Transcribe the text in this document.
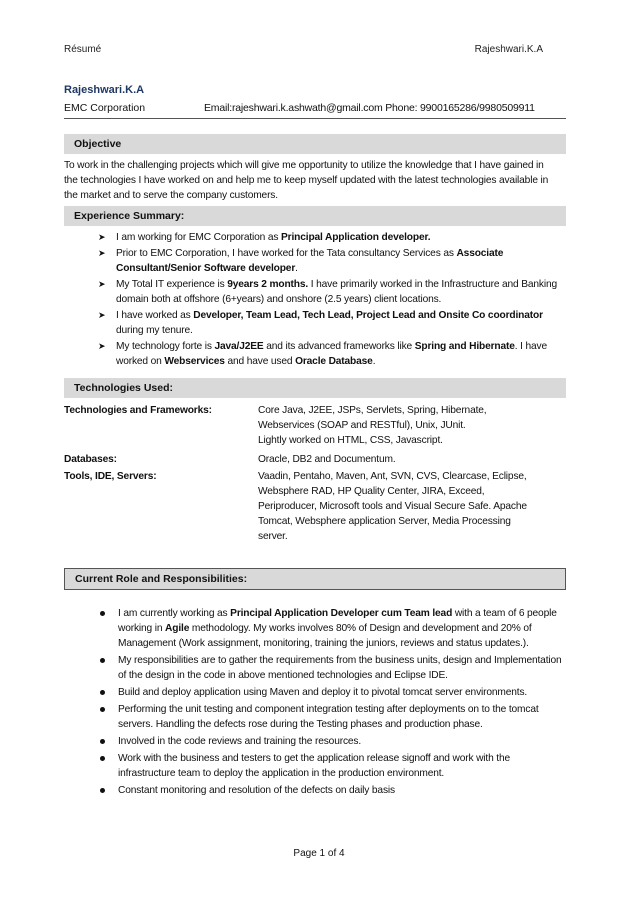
Résumé	Rajeshwari.K.A
Rajeshwari.K.A
EMC Corporation	Email:rajeshwari.k.ashwath@gmail.com Phone: 9900165286/9980509911
Objective
To work in the challenging projects which will give me opportunity to utilize the knowledge that I have gained in the technologies I have worked on and help me to keep myself updated with the latest technologies available in the market and to serve the company customers.
Experience Summary:
➤ I am working for EMC Corporation as Principal Application developer.
➤ Prior to EMC Corporation, I have worked for the Tata consultancy Services as Associate Consultant/Senior Software developer.
➤ My Total IT experience is 9years 2 months. I have primarily worked in the Infrastructure and Banking domain both at offshore (6+years) and onshore (2.5 years) client locations.
➤ I have worked as Developer, Team Lead, Tech Lead, Project Lead and Onsite Co coordinator during my tenure.
➤ My technology forte is Java/J2EE and its advanced frameworks like Spring and Hibernate. I have worked on Webservices and have used Oracle Database.
Technologies Used:
Technologies and Frameworks:	Core Java, J2EE, JSPs, Servlets, Spring, Hibernate, Webservices (SOAP and RESTful), Unix, JUnit.
Lightly worked on HTML, CSS, Javascript.
Databases:	Oracle, DB2 and Documentum.
Tools, IDE, Servers:	Vaadin, Pentaho, Maven, Ant, SVN, CVS, Clearcase, Eclipse, Websphere RAD, HP Quality Center, JIRA, Exceed, Periproducer, Microsoft tools and Visual Secure Safe. Apache Tomcat, Websphere application Server, Media Processing server.
Current Role and Responsibilities:
I am currently working as Principal Application Developer cum Team lead with a team of 6 people working in Agile methodology. My works involves 80% of Design and development and 20% of Management (Work assignment, monitoring, training the juniors, reviews and status updates.).
My responsibilities are to gather the requirements from the business units, design and Implementation of the design in the code in above mentioned technologies and Eclipse IDE.
Build and deploy application using Maven and deploy it to pivotal tomcat server environments.
Performing the unit testing and component integration testing after deployments on to the tomcat servers. Handling the defects rose during the Testing phases and production phase.
Involved in the code reviews and training the resources.
Work with the business and testers to get the application release signoff and work with the infrastructure team to deploy the application in the production environment.
Constant monitoring and resolution of the defects on daily basis
Page 1 of 4
